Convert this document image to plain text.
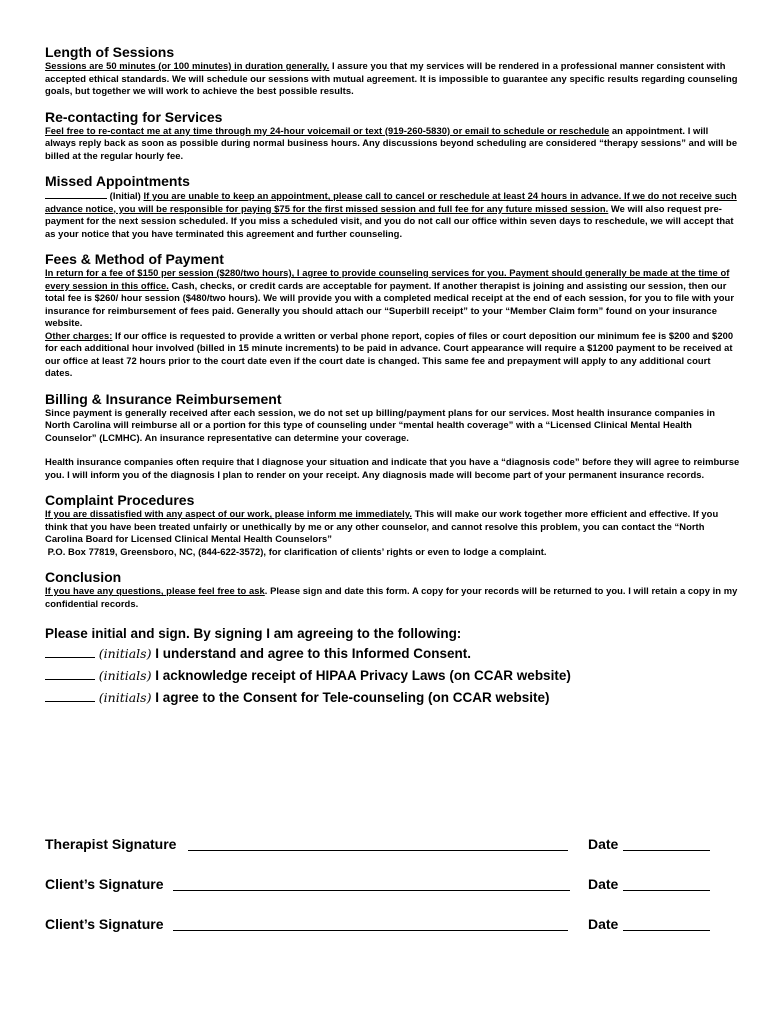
Length of Sessions

Sessions are 50 minutes (or 100 minutes) in duration generally. I assure you that my services will be rendered in a professional manner consistent with accepted ethical standards. We will schedule our sessions with mutual agreement. It is impossible to guarantee any specific results regarding counseling goals, but together we will work to achieve the best possible results.

Re-contacting for Services

Feel free to re-contact me at any time through my 24-hour voicemail or text (919-260-5830) or email to schedule or reschedule an appointment. I will always reply back as soon as possible during normal business hours. Any discussions beyond scheduling are considered “therapy sessions” and will be billed at the regular hourly fee.

Missed Appointments

(Initial) If you are unable to keep an appointment, please call to cancel or reschedule at least 24 hours in advance. If we do not receive such advance notice, you will be responsible for paying $75 for the first missed session and full fee for any future missed session. We will also request pre-payment for the next session scheduled. If you miss a scheduled visit, and you do not call our office within seven days to reschedule, we will accept that as your notice that you have terminated this agreement and further counseling.

Fees & Method of Payment

In return for a fee of $150 per session ($280/two hours), I agree to provide counseling services for you. Payment should generally be made at the time of every session in this office. Cash, checks, or credit cards are acceptable for payment. If another therapist is joining and assisting our session, then our total fee is $260/ hour session ($480/two hours). We will provide you with a completed medical receipt at the end of each session, for you to file with your insurance for reimbursement of fees paid. Generally you should attach our “Superbill receipt” to your “Member Claim form” found on your insurance website.
Other charges: If our office is requested to provide a written or verbal phone report, copies of files or court deposition our minimum fee is $200 and $200 for each additional hour involved (billed in 15 minute increments) to be paid in advance. Court appearance will require a $1200 payment to be received at our office at least 72 hours prior to the court date even if the court date is changed. This same fee and prepayment will apply to any additional court dates.

Billing & Insurance Reimbursement

Since payment is generally received after each session, we do not set up billing/payment plans for our services. Most health insurance companies in North Carolina will reimburse all or a portion for this type of counseling under “mental health coverage” with a “Licensed Clinical Mental Health Counselor” (LCMHC). An insurance representative can determine your coverage.

Health insurance companies often require that I diagnose your situation and indicate that you have a “diagnosis code” before they will agree to reimburse you. I will inform you of the diagnosis I plan to render on your receipt. Any diagnosis made will become part of your permanent insurance records.

Complaint Procedures

If you are dissatisfied with any aspect of our work, please inform me immediately. This will make our work together more efficient and effective. If you think that you have been treated unfairly or unethically by me or any other counselor, and cannot resolve this problem, you can contact the “North Carolina Board for Licensed Clinical Mental Health Counselors”
P.O. Box 77819, Greensboro, NC, (844-622-3572), for clarification of clients’ rights or even to lodge a complaint.

Conclusion

If you have any questions, please feel free to ask. Please sign and date this form. A copy for your records will be returned to you. I will retain a copy in my confidential records.

Please initial and sign. By signing I am agreeing to the following:
(initials) I understand and agree to this Informed Consent.
(initials) I acknowledge receipt of HIPAA Privacy Laws (on CCAR website)
(initials) I agree to the Consent for Tele-counseling (on CCAR website)
Therapist Signature	Date
Client’s Signature	Date
Client’s Signature	Date
